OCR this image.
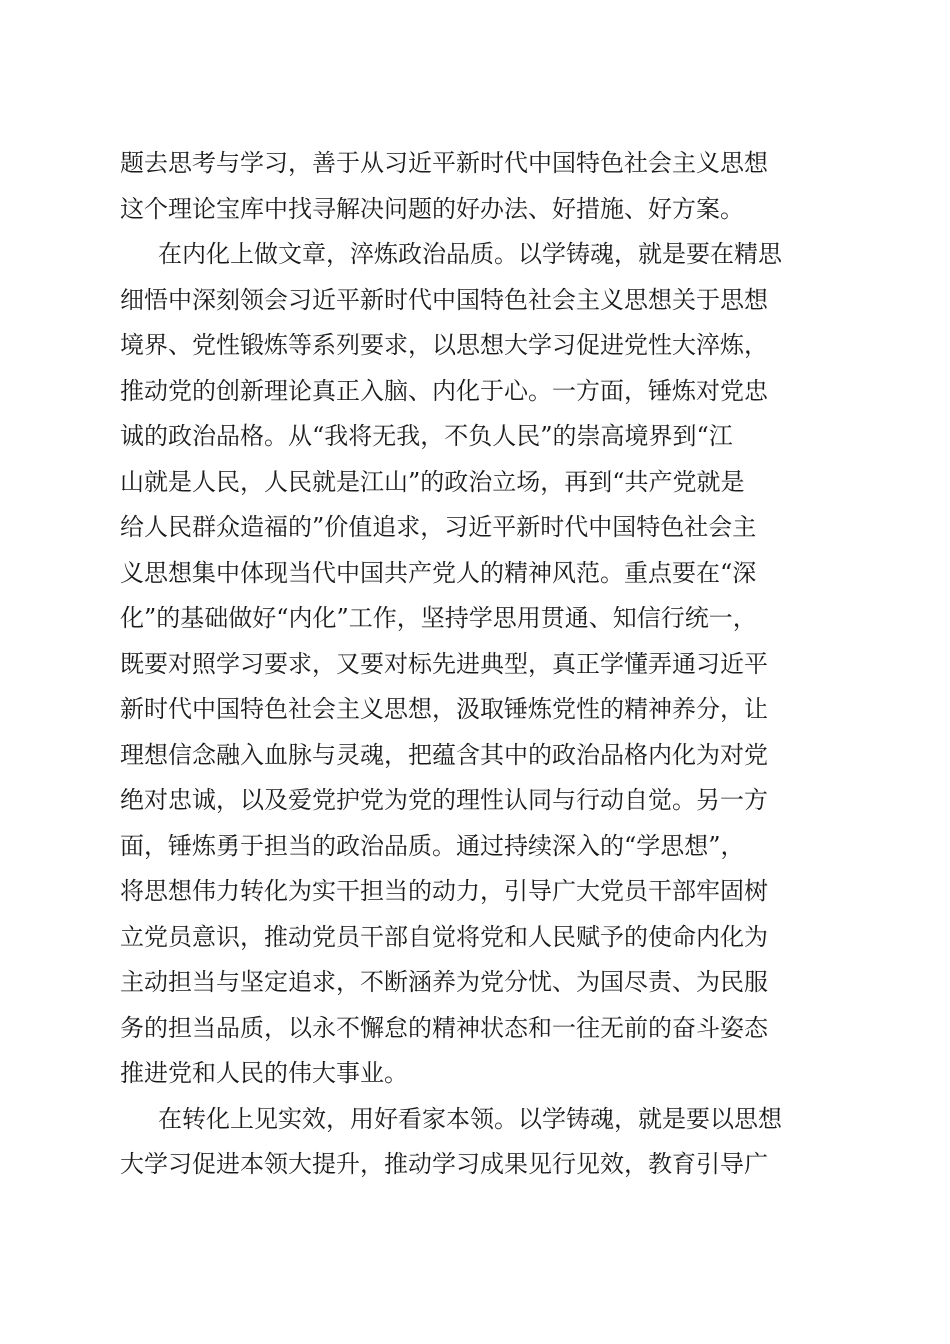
题去思考与学习，善于从习近平新时代中国特色社会主义思想
这个理论宝库中找寻解决问题的好办法、好措施、好方案。
在内化上做文章，淬炼政治品质。以学铸魂，就是要在精思
细悟中深刻领会习近平新时代中国特色社会主义思想关于思想
境界、党性锻炼等系列要求，以思想大学习促进党性大淬炼，
推动党的创新理论真正入脑、内化于心。一方面，锤炼对党忠
诚的政治品格。从“我将无我，不负人民”的崇高境界到“江
山就是人民，人民就是江山”的政治立场，再到“共产党就是
给人民群众造福的”价值追求，习近平新时代中国特色社会主
义思想集中体现当代中国共产党人的精神风范。重点要在“深
化”的基础做好“内化”工作，坚持学思用贯通、知信行统一，
既要对照学习要求，又要对标先进典型，真正学懂弄通习近平
新时代中国特色社会主义思想，汲取锤炼党性的精神养分，让
理想信念融入血脉与灵魂，把蕴含其中的政治品格内化为对党
绝对忠诚，以及爱党护党为党的理性认同与行动自觉。另一方
面，锤炼勇于担当的政治品质。通过持续深入的“学思想”，
将思想伟力转化为实干担当的动力，引导广大党员干部牢固树
立党员意识，推动党员干部自觉将党和人民赋予的使命内化为
主动担当与坚定追求，不断涵养为党分忧、为国尽责、为民服
务的担当品质，以永不懈怠的精神状态和一往无前的奋斗姿态
推进党和人民的伟大事业。
在转化上见实效，用好看家本领。以学铸魂，就是要以思想
大学习促进本领大提升，推动学习成果见行见效，教育引导广
